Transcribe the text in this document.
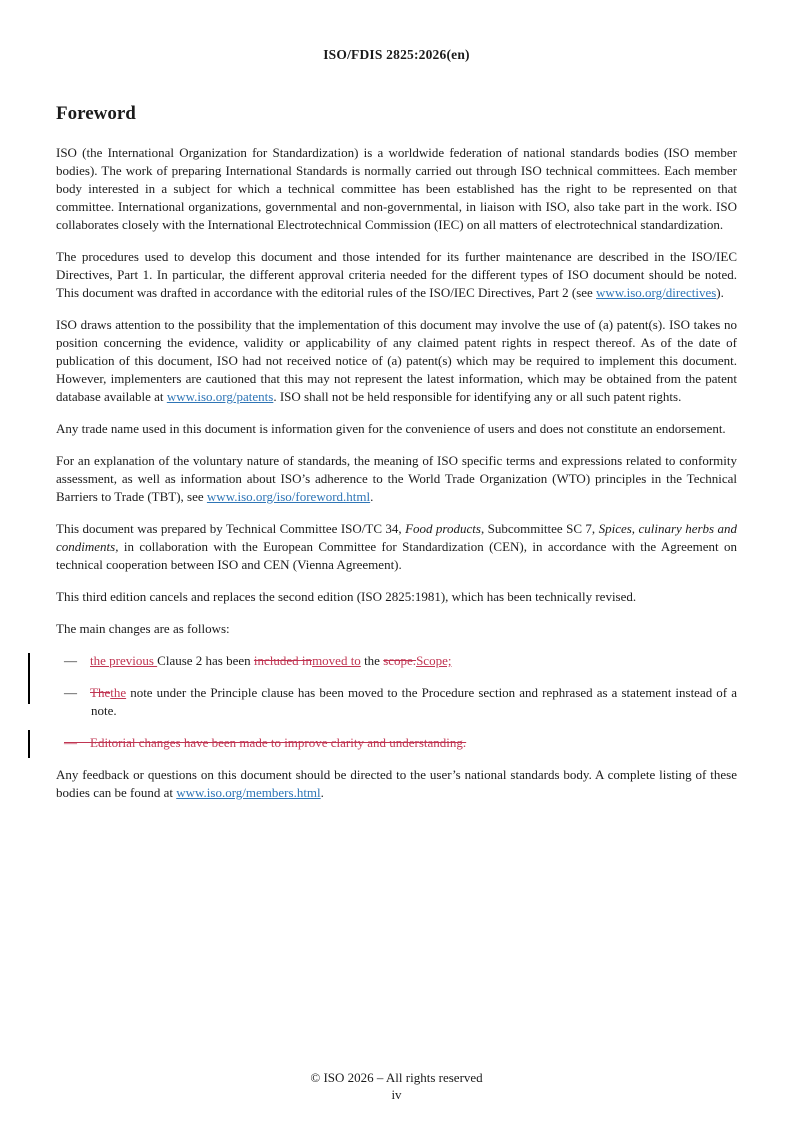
ISO/FDIS 2825:2026(en)
Foreword

ISO (the International Organization for Standardization) is a worldwide federation of national standards bodies (ISO member bodies). The work of preparing International Standards is normally carried out through ISO technical committees. Each member body interested in a subject for which a technical committee has been established has the right to be represented on that committee. International organizations, governmental and non-governmental, in liaison with ISO, also take part in the work. ISO collaborates closely with the International Electrotechnical Commission (IEC) on all matters of electrotechnical standardization.

The procedures used to develop this document and those intended for its further maintenance are described in the ISO/IEC Directives, Part 1. In particular, the different approval criteria needed for the different types of ISO document should be noted. This document was drafted in accordance with the editorial rules of the ISO/IEC Directives, Part 2 (see www.iso.org/directives).

ISO draws attention to the possibility that the implementation of this document may involve the use of (a) patent(s). ISO takes no position concerning the evidence, validity or applicability of any claimed patent rights in respect thereof. As of the date of publication of this document, ISO had not received notice of (a) patent(s) which may be required to implement this document. However, implementers are cautioned that this may not represent the latest information, which may be obtained from the patent database available at www.iso.org/patents. ISO shall not be held responsible for identifying any or all such patent rights.

Any trade name used in this document is information given for the convenience of users and does not constitute an endorsement.

For an explanation of the voluntary nature of standards, the meaning of ISO specific terms and expressions related to conformity assessment, as well as information about ISO’s adherence to the World Trade Organization (WTO) principles in the Technical Barriers to Trade (TBT), see www.iso.org/iso/foreword.html.

This document was prepared by Technical Committee ISO/TC 34, Food products, Subcommittee SC 7, Spices, culinary herbs and condiments, in collaboration with the European Committee for Standardization (CEN), in accordance with the Agreement on technical cooperation between ISO and CEN (Vienna Agreement).

This third edition cancels and replaces the second edition (ISO 2825:1981), which has been technically revised.

The main changes are as follows:

— the previous Clause 2 has been included inmoved to the scope.Scope;
— Thethe note under the Principle clause has been moved to the Procedure section and rephrased as a statement instead of a note.
— Editorial changes have been made to improve clarity and understanding.

Any feedback or questions on this document should be directed to the user’s national standards body. A complete listing of these bodies can be found at www.iso.org/members.html.

© ISO 2026 – All rights reserved
iv
